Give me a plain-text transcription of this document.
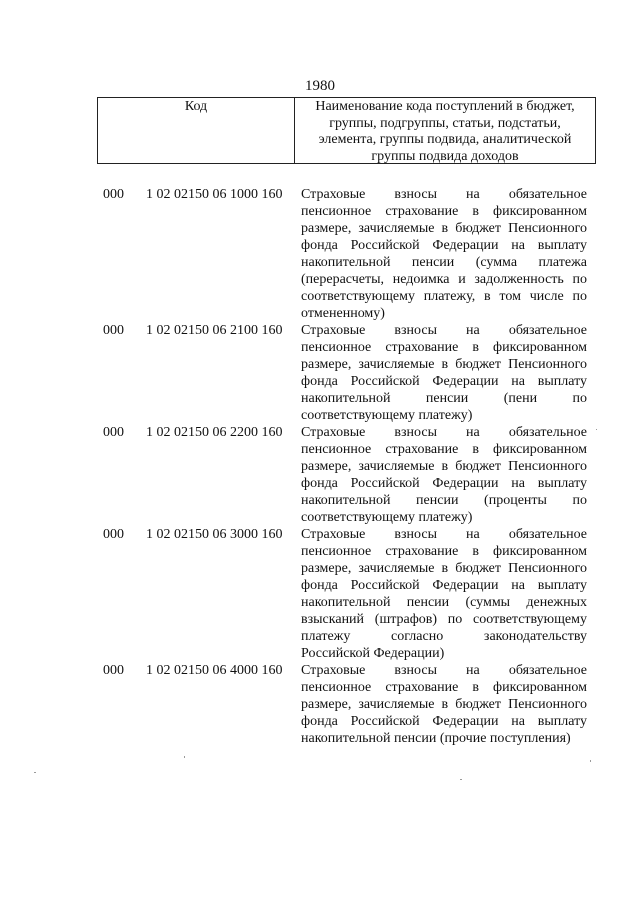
1980
Код	Наименование кода поступлений в бюджет,
группы, подгруппы, статьи, подстатьи,
элемента, группы подвида, аналитической
группы подвида доходов
000 1 02 02150 06 1000 160 Страховые взносы на обязательное
пенсионное страхование в фиксированном
размере, зачисляемые в бюджет Пенсионного
фонда Российской Федерации на выплату
накопительной пенсии (сумма платежа
(перерасчеты, недоимка и задолженность по
соответствующему платежу, в том числе по
отмененному)
000 1 02 02150 06 2100 160 Страховые взносы на обязательное
пенсионное страхование в фиксированном
размере, зачисляемые в бюджет Пенсионного
фонда Российской Федерации на выплату
накопительной пенсии (пени по
соответствующему платежу)
000 1 02 02150 06 2200 160 Страховые взносы на обязательное
пенсионное страхование в фиксированном
размере, зачисляемые в бюджет Пенсионного
фонда Российской Федерации на выплату
накопительной пенсии (проценты по
соответствующему платежу)
000 1 02 02150 06 3000 160 Страховые взносы на обязательное
пенсионное страхование в фиксированном
размере, зачисляемые в бюджет Пенсионного
фонда Российской Федерации на выплату
накопительной пенсии (суммы денежных
взысканий (штрафов) по соответствующему
платежу согласно законодательству
Российской Федерации)
000 1 02 02150 06 4000 160 Страховые взносы на обязательное
пенсионное страхование в фиксированном
размере, зачисляемые в бюджет Пенсионного
фонда Российской Федерации на выплату
накопительной пенсии (прочие поступления)
